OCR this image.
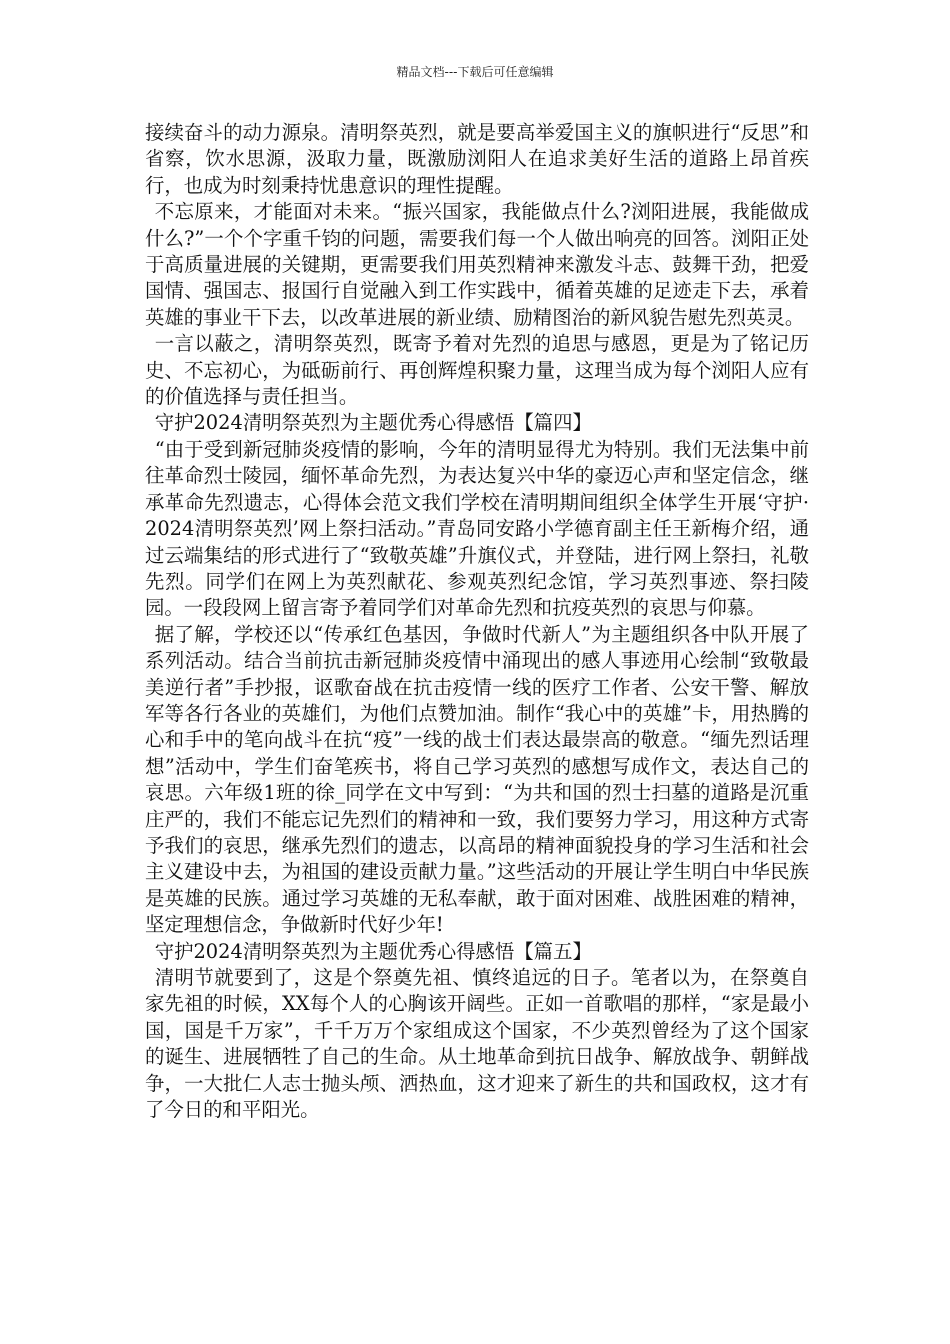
精品文档---下载后可任意编辑

接续奋斗的动力源泉。清明祭英烈，就是要高举爱国主义的旗帜进行“反思”和省察，饮水思源，汲取力量，既激励浏阳人在追求美好生活的道路上昂首疾行，也成为时刻秉持忧患意识的理性提醒。

不忘原来，才能面对未来。“振兴国家，我能做点什么?浏阳进展，我能做成什么?”一个个字重千钧的问题，需要我们每一个人做出响亮的回答。浏阳正处于高质量进展的关键期，更需要我们用英烈精神来激发斗志、鼓舞干劲，把爱国情、强国志、报国行自觉融入到工作实践中，循着英雄的足迹走下去，承着英雄的事业干下去，以改革进展的新业绩、励精图治的新风貌告慰先烈英灵。

一言以蔽之，清明祭英烈，既寄予着对先烈的追思与感恩，更是为了铭记历史、不忘初心，为砥砺前行、再创辉煌积聚力量，这理当成为每个浏阳人应有的价值选择与责任担当。

守护2024清明祭英烈为主题优秀心得感悟【篇四】

“由于受到新冠肺炎疫情的影响，今年的清明显得尤为特别。我们无法集中前往革命烈士陵园，缅怀革命先烈，为表达复兴中华的豪迈心声和坚定信念，继承革命先烈遗志，心得体会范文我们学校在清明期间组织全体学生开展‘守护·2024清明祭英烈’网上祭扫活动。”青岛同安路小学德育副主任王新梅介绍，通过云端集结的形式进行了“致敬英雄”升旗仪式，并登陆，进行网上祭扫，礼敬先烈。同学们在网上为英烈献花、参观英烈纪念馆，学习英烈事迹、祭扫陵园。一段段网上留言寄予着同学们对革命先烈和抗疫英烈的哀思与仰慕。

据了解，学校还以“传承红色基因，争做时代新人”为主题组织各中队开展了系列活动。结合当前抗击新冠肺炎疫情中涌现出的感人事迹用心绘制“致敬最美逆行者”手抄报，讴歌奋战在抗击疫情一线的医疗工作者、公安干警、解放军等各行各业的英雄们，为他们点赞加油。制作“我心中的英雄”卡，用热腾的心和手中的笔向战斗在抗“疫”一线的战士们表达最崇高的敬意。“缅先烈话理想”活动中，学生们奋笔疾书，将自己学习英烈的感想写成作文，表达自己的哀思。六年级1班的徐_同学在文中写到：“为共和国的烈士扫墓的道路是沉重庄严的，我们不能忘记先烈们的精神和一致，我们要努力学习，用这种方式寄予我们的哀思，继承先烈们的遗志，以高昂的精神面貌投身的学习生活和社会主义建设中去，为祖国的建设贡献力量。”这些活动的开展让学生明白中华民族是英雄的民族。通过学习英雄的无私奉献，敢于面对困难、战胜困难的精神，坚定理想信念，争做新时代好少年!

守护2024清明祭英烈为主题优秀心得感悟【篇五】

清明节就要到了，这是个祭奠先祖、慎终追远的日子。笔者以为，在祭奠自家先祖的时候，XX每个人的心胸该开阔些。正如一首歌唱的那样，“家是最小国，国是千万家”，千千万万个家组成这个国家，不少英烈曾经为了这个国家的诞生、进展牺牲了自己的生命。从土地革命到抗日战争、解放战争、朝鲜战争，一大批仁人志士抛头颅、洒热血，这才迎来了新生的共和国政权，这才有了今日的和平阳光。
